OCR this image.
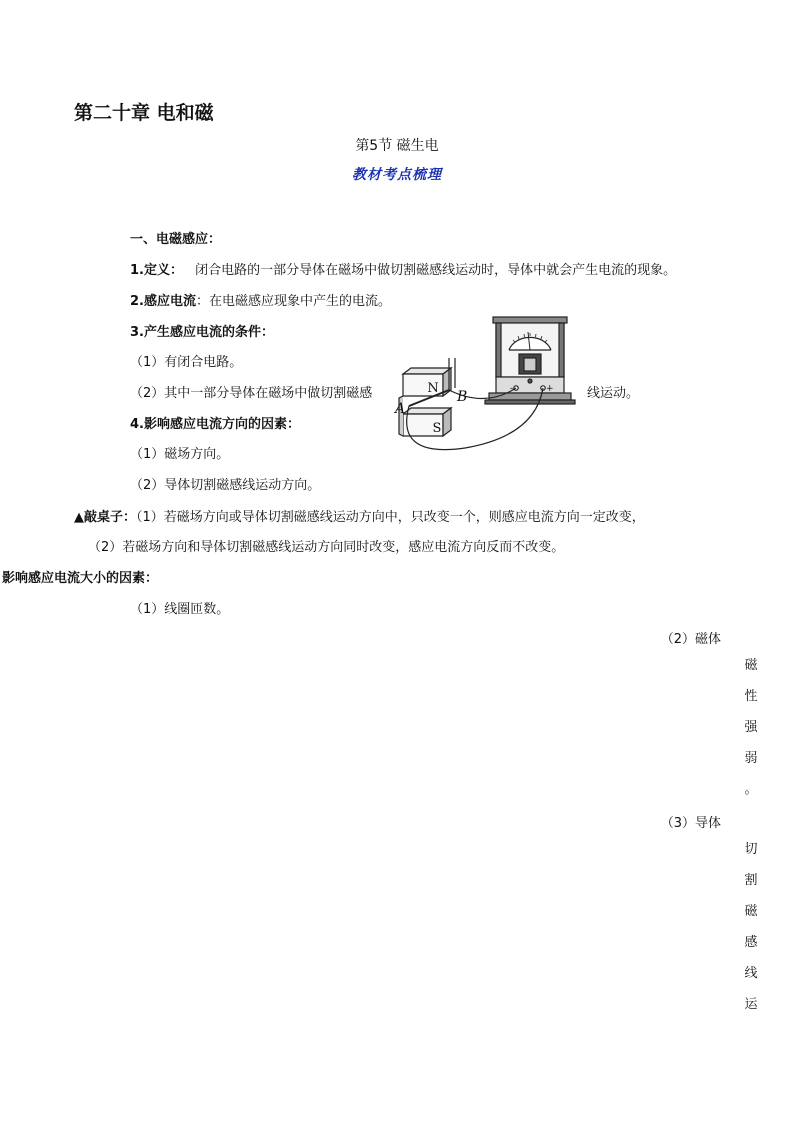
第二十章 电和磁
第5节 磁生电
教材考点梳理
一、电磁感应：
1.定义： 闭合电路的一部分导体在磁场中做切割磁感线运动时，导体中就会产生电流的现象。
2.感应电流：在电磁感应现象中产生的电流。
3.产生感应电流的条件：
（1）有闭合电路。
（2）其中一部分导体在磁场中做切割磁感	线运动。
4.影响感应电流方向的因素：
（1）磁场方向。
（2）导体切割磁感线运动方向。
▲敲桌子：（1）若磁场方向或导体切割磁感线运动方向中，只改变一个，则感应电流方向一定改变，
（2）若磁场方向和导体切割磁感线运动方向同时改变，感应电流方向反而不改变。
影响感应电流大小的因素：
（1）线圈匝数。
（2）磁体
磁
性
强
弱
。
（3）导体
切
割
磁
感
线
运
N
S
A
B	-	+
